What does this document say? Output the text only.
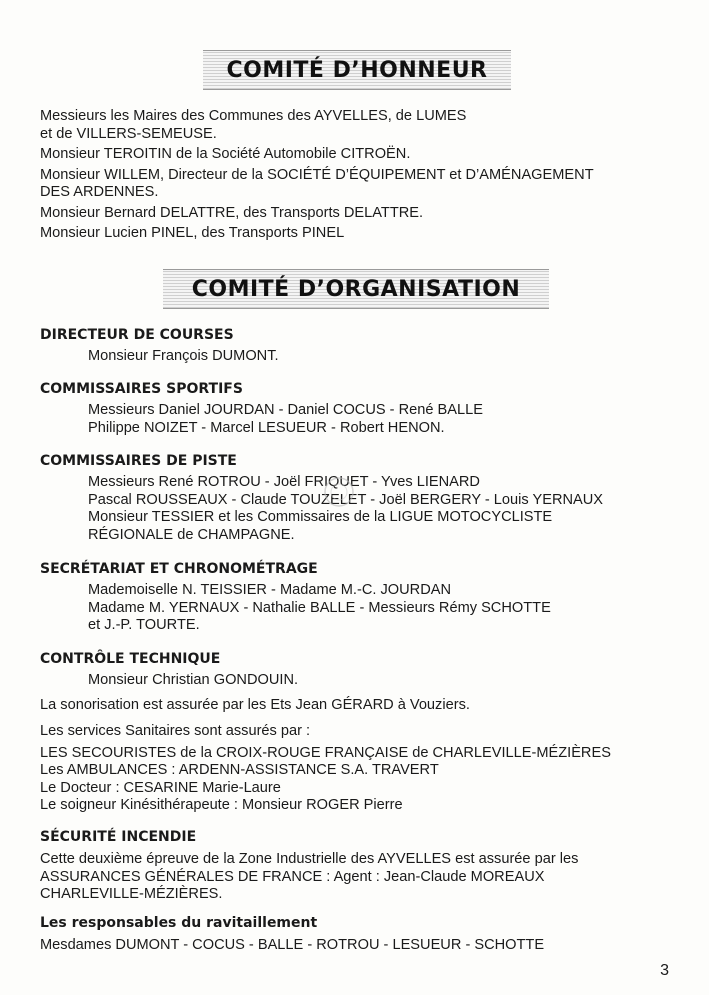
COMITÉ D’HONNEUR
Messieurs les Maires des Communes des AYVELLES, de LUMES
et de VILLERS-SEMEUSE.
Monsieur TEROITIN de la Société Automobile CITROËN.
Monsieur WILLEM, Directeur de la SOCIÉTÉ D’ÉQUIPEMENT et D’AMÉNAGEMENT
DES ARDENNES.
Monsieur Bernard DELATTRE, des Transports DELATTRE.
Monsieur Lucien PINEL, des Transports PINEL
COMITÉ D’ORGANISATION
DIRECTEUR DE COURSES
Monsieur François DUMONT.
COMMISSAIRES SPORTIFS
Messieurs Daniel JOURDAN - Daniel COCUS - René BALLE
Philippe NOIZET - Marcel LESUEUR - Robert HENON.
COMMISSAIRES DE PISTE
Messieurs René ROTROU - Joël FRIQUET - Yves LIENARD
Pascal ROUSSEAUX - Claude TOUZELET - Joël BERGERY - Louis YERNAUX
Monsieur TESSIER et les Commissaires de la LIGUE MOTOCYCLISTE
RÉGIONALE de CHAMPAGNE.
SECRÉTARIAT ET CHRONOMÉTRAGE
Mademoiselle N. TEISSIER - Madame M.-C. JOURDAN
Madame M. YERNAUX - Nathalie BALLE - Messieurs Rémy SCHOTTE
et J.-P. TOURTE.
CONTRÔLE TECHNIQUE
Monsieur Christian GONDOUIN.
La sonorisation est assurée par les Ets Jean GÉRARD à Vouziers.
Les services Sanitaires sont assurés par :
LES SECOURISTES de la CROIX-ROUGE FRANÇAISE de CHARLEVILLE-MÉZIÈRES
Les AMBULANCES : ARDENN-ASSISTANCE S.A. TRAVERT
Le Docteur : CESARINE Marie-Laure
Le soigneur Kinésithérapeute : Monsieur ROGER Pierre
SÉCURITÉ INCENDIE
Cette deuxième épreuve de la Zone Industrielle des AYVELLES est assurée par les
ASSURANCES GÉNÉRALES DE FRANCE : Agent : Jean-Claude MOREAUX
CHARLEVILLE-MÉZIÈRES.
Les responsables du ravitaillement
Mesdames DUMONT - COCUS - BALLE - ROTROU - LESUEUR - SCHOTTE
3
